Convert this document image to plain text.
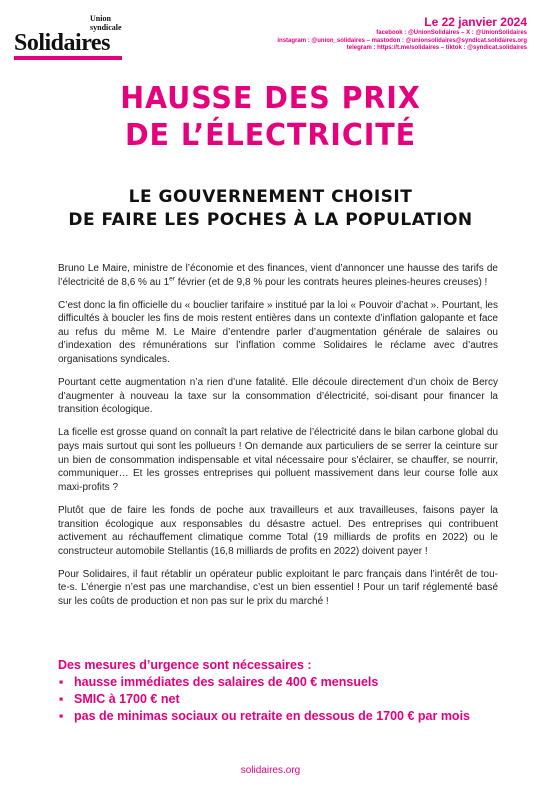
Union
syndicale
Solidaires
Le 22 janvier 2024
facebook : @UnionSolidaires – X : @UnionSolidaires
instagram : @union_solidaires – mastodon : @unionsolidaires@syndicat.solidaires.org
telegram : https://t.me/solidaires – tiktok : @syndicat.solidaires
HAUSSE DES PRIX
DE L’ÉLECTRICITÉ
LE GOUVERNEMENT CHOISIT
DE FAIRE LES POCHES À LA POPULATION

Bruno Le Maire, ministre de l’économie et des finances, vient d’annoncer une hausse des tarifs de l’électricité de 8,6 % au 1er février (et de 9,8 % pour les contrats heures pleines-heures creuses) !

C’est donc la fin officielle du « bouclier tarifaire » institué par la loi « Pouvoir d’achat ». Pourtant, les difficultés à boucler les fins de mois restent entières dans un contexte d’inflation galopante et face au refus du même M. Le Maire d’entendre parler d’augmentation générale de salaires ou d’indexation des rémunérations sur l’inflation comme Solidaires le réclame avec d’autres organisations syndicales.

Pourtant cette augmentation n’a rien d’une fatalité. Elle découle directement d’un choix de Bercy d’augmenter à nouveau la taxe sur la consommation d’électricité, soi-disant pour financer la transition écologique.

La ficelle est grosse quand on connaît la part relative de l’électricité dans le bilan carbone global du pays mais surtout qui sont les pollueurs ! On demande aux particuliers de se serrer la ceinture sur un bien de consommation indispensable et vital nécessaire pour s’éclairer, se chauffer, se nourrir, communiquer… Et les grosses entreprises qui polluent massivement dans leur course folle aux maxi-profits ?

Plutôt que de faire les fonds de poche aux travailleurs et aux travailleuses, faisons payer la transition écologique aux responsables du désastre actuel. Des entreprises qui contribuent activement au réchauffement climatique comme Total (19 milliards de profits en 2022) ou le constructeur automobile Stellantis (16,8 milliards de profits en 2022) doivent payer !

Pour Solidaires, il faut rétablir un opérateur public exploitant le parc français dans l’intérêt de tou-te-s. L’énergie n’est pas une marchandise, c’est un bien essentiel ! Pour un tarif réglementé basé sur les coûts de production et non pas sur le prix du marché !

Des mesures d’urgence sont nécessaires :
▪ hausse immédiates des salaires de 400 € mensuels
▪ SMIC à 1700 € net
▪ pas de minimas sociaux ou retraite en dessous de 1700 € par mois
solidaires.org
